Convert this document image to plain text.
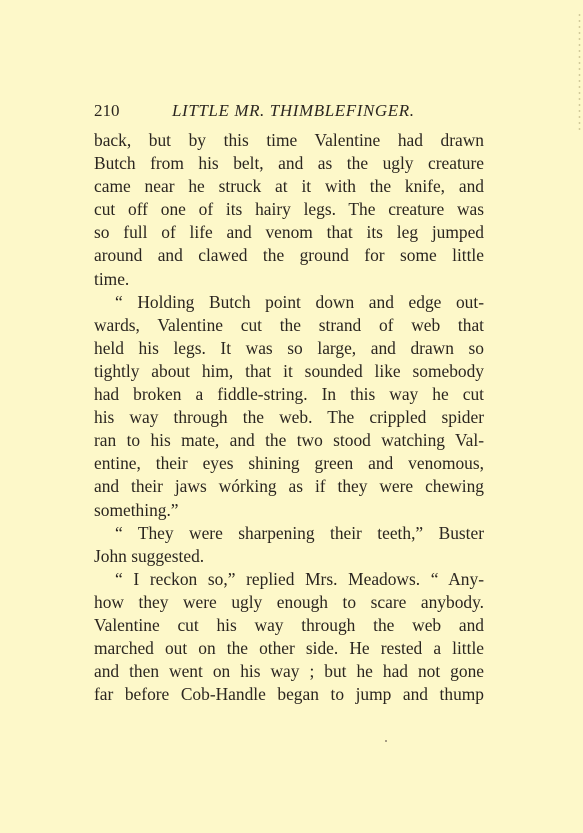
210	LITTLE MR. THIMBLEFINGER.
back, but by this time Valentine had drawn
Butch from his belt, and as the ugly creature
came near he struck at it with the knife, and
cut off one of its hairy legs. The creature was
so full of life and venom that its leg jumped
around and clawed the ground for some little
time.
“ Holding Butch point down and edge out-
wards, Valentine cut the strand of web that
held his legs. It was so large, and drawn so
tightly about him, that it sounded like somebody
had broken a fiddle-string. In this way he cut
his way through the web. The crippled spider
ran to his mate, and the two stood watching Val-
entine, their eyes shining green and venomous,
and their jaws wórking as if they were chewing
something.”
“ They were sharpening their teeth,” Buster
John suggested.
“ I reckon so,” replied Mrs. Meadows. “ Any-
how they were ugly enough to scare anybody.
Valentine cut his way through the web and
marched out on the other side. He rested a little
and then went on his way ; but he had not gone
far before Cob-Handle began to jump and thump
